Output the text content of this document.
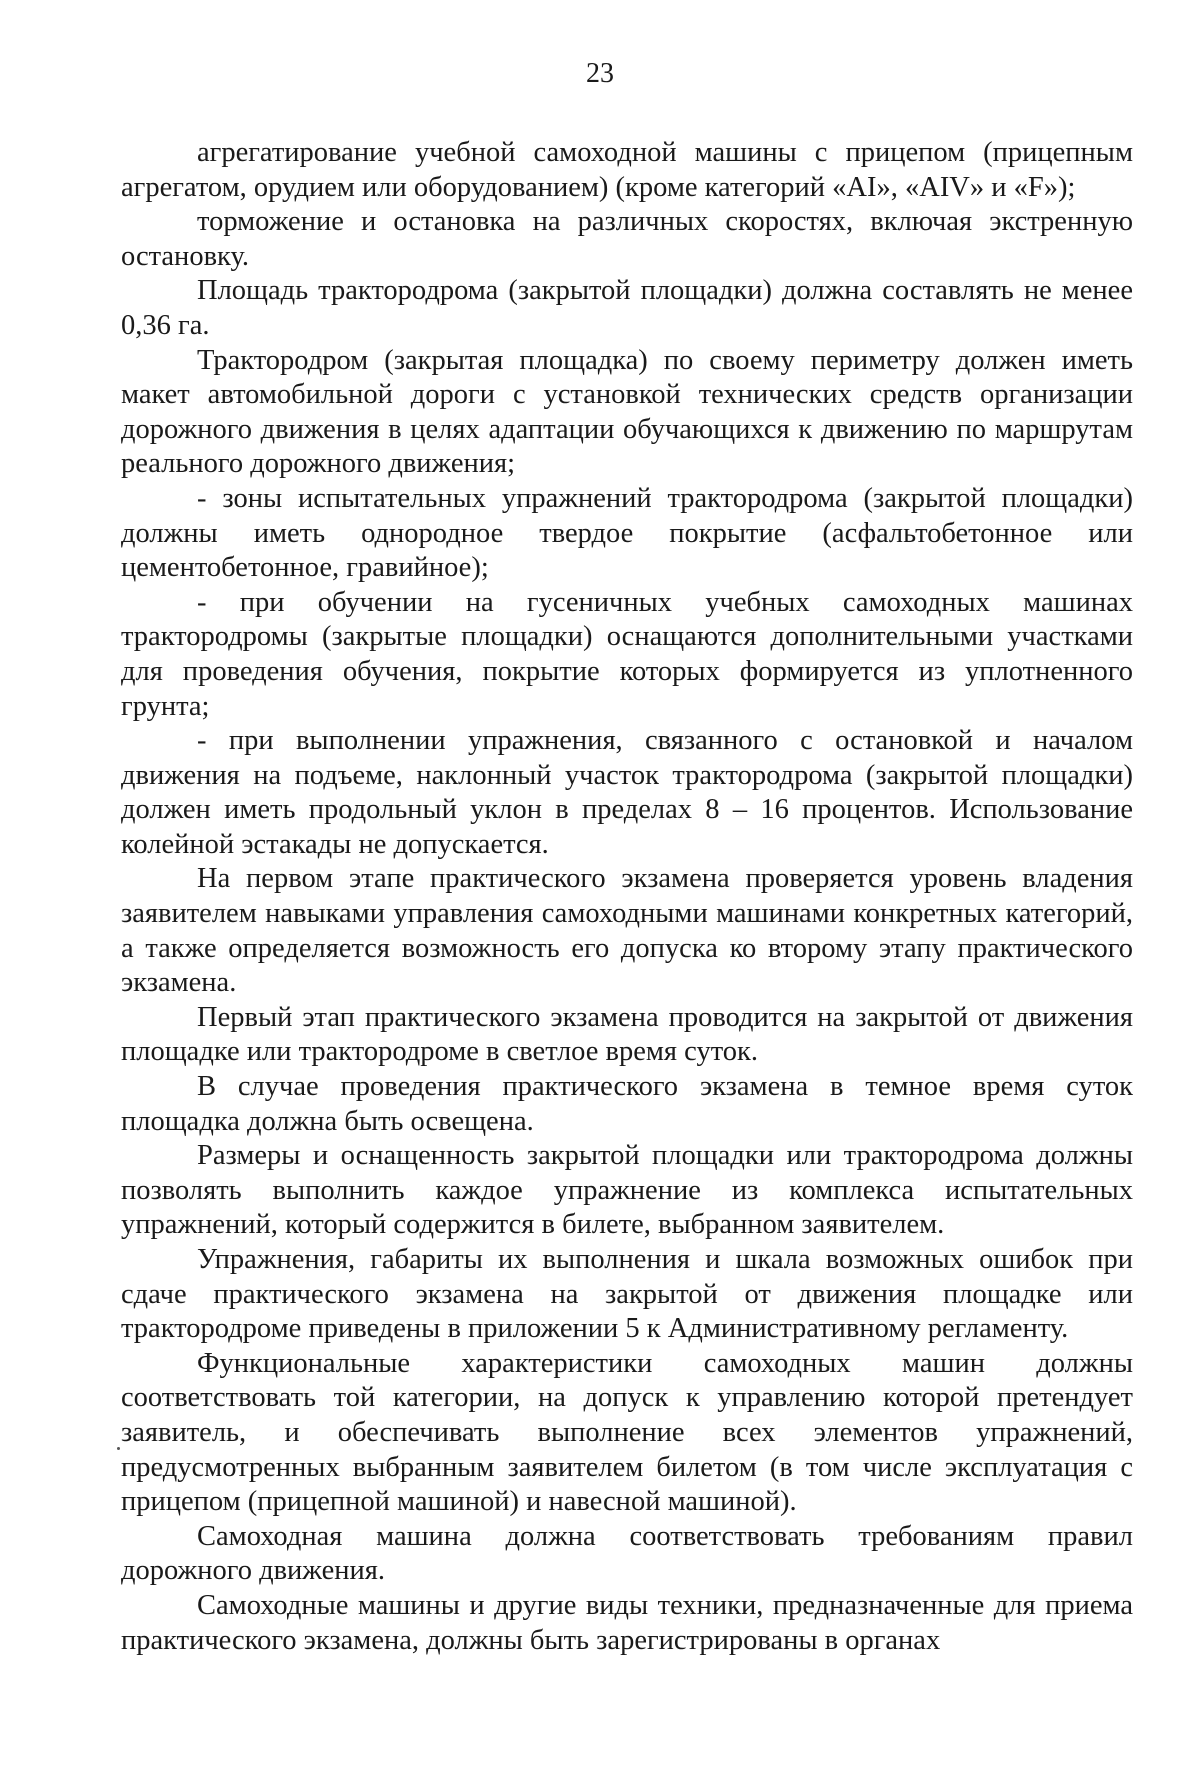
23

агрегатирование учебной самоходной машины с прицепом (прицепным агрегатом, орудием или оборудованием) (кроме категорий «AI», «AIV» и «F»);

торможение и остановка на различных скоростях, включая экстренную остановку.

Площадь трактородрома (закрытой площадки) должна составлять не менее 0,36 га.

Трактородром (закрытая площадка) по своему периметру должен иметь макет автомобильной дороги с установкой технических средств организации дорожного движения в целях адаптации обучающихся к движению по маршрутам реального дорожного движения;

- зоны испытательных упражнений трактородрома (закрытой площадки) должны иметь однородное твердое покрытие (асфальтобетонное или цементобетонное, гравийное);

- при обучении на гусеничных учебных самоходных машинах трактородромы (закрытые площадки) оснащаются дополнительными участками для проведения обучения, покрытие которых формируется из уплотненного грунта;

- при выполнении упражнения, связанного с остановкой и началом движения на подъеме, наклонный участок трактородрома (закрытой площадки) должен иметь продольный уклон в пределах 8 – 16 процентов. Использование колейной эстакады не допускается.

На первом этапе практического экзамена проверяется уровень владения заявителем навыками управления самоходными машинами конкретных категорий, а также определяется возможность его допуска ко второму этапу практического экзамена.

Первый этап практического экзамена проводится на закрытой от движения площадке или трактородроме в светлое время суток.

В случае проведения практического экзамена в темное время суток площадка должна быть освещена.

Размеры и оснащенность закрытой площадки или трактородрома должны позволять выполнить каждое упражнение из комплекса испытательных упражнений, который содержится в билете, выбранном заявителем.

Упражнения, габариты их выполнения и шкала возможных ошибок при сдаче практического экзамена на закрытой от движения площадке или трактородроме приведены в приложении 5 к Административному регламенту.

Функциональные характеристики самоходных машин должны соответствовать той категории, на допуск к управлению которой претендует заявитель, и обеспечивать выполнение всех элементов упражнений, предусмотренных выбранным заявителем билетом (в том числе эксплуатация с прицепом (прицепной машиной) и навесной машиной).

Самоходная машина должна соответствовать требованиям правил дорожного движения.

Самоходные машины и другие виды техники, предназначенные для приема практического экзамена, должны быть зарегистрированы в органах
